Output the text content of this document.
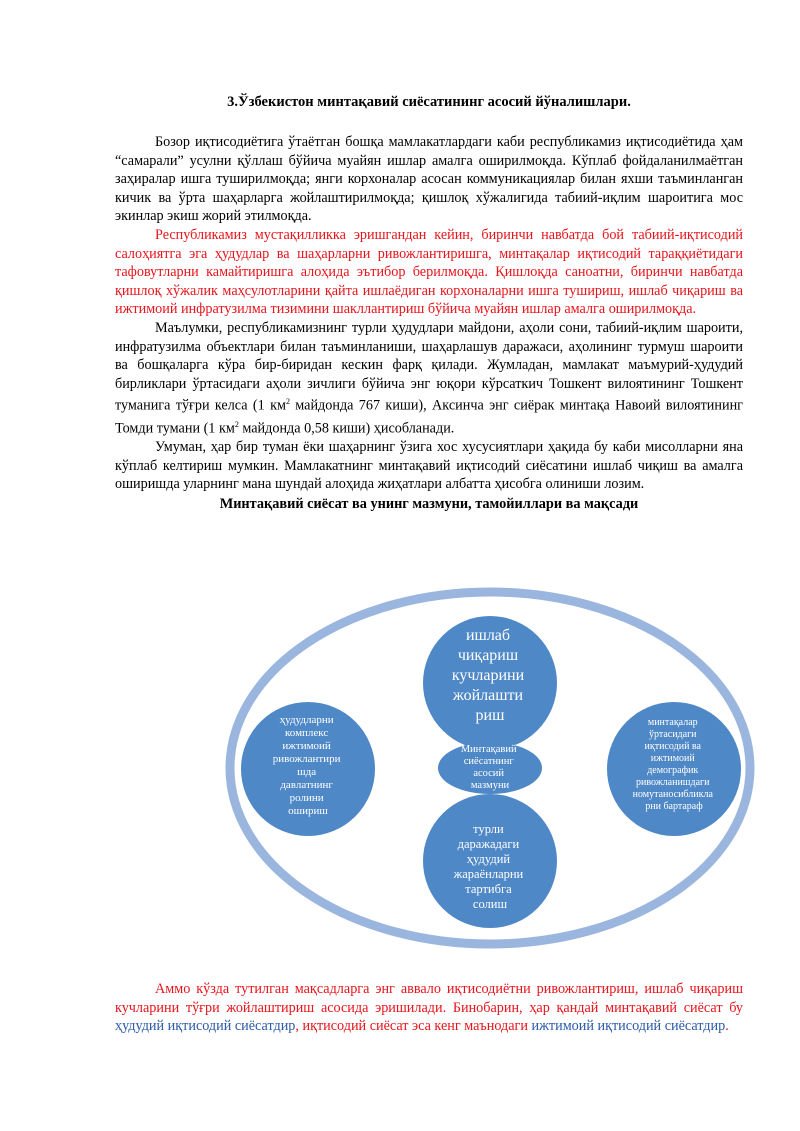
3.Ўзбекистон минтақавий сиёсатининг асосий йўналишлари.

Бозор иқтисодиётига ўтаётган бошқа мамлакатлардаги каби республикамиз иқтисодиётида ҳам “самарали” усулни қўллаш бўйича муайян ишлар амалга оширилмоқда. Кўплаб фойдаланилмаётган заҳиралар ишга туширилмоқда; янги корхоналар асосан коммуникациялар билан яхши таъминланган кичик ва ўрта шаҳарларга жойлаштирилмоқда; қишлоқ хўжалигида табиий-иқлим шароитига мос экинлар экиш жорий этилмоқда.

Республикамиз мустақилликка эришгандан кейин, биринчи навбатда бой табиий-иқтисодий салоҳиятга эга ҳудудлар ва шаҳарларни ривожлантиришга, минтақалар иқтисодий тараққиётидаги тафовутларни камайтиришга алоҳида эътибор берилмоқда. Қишлоқда саноатни, биринчи навбатда қишлоқ хўжалик маҳсулотларини қайта ишлаёдиган корхоналарни ишга тушириш, ишлаб чиқариш ва ижтимоий инфратузилма тизимини шакллантириш бўйича муайян ишлар амалга оширилмоқда.

Маълумки, республикамизнинг турли ҳудудлари майдони, аҳоли сони, табиий-иқлим шароити, инфратузилма объектлари билан таъминланиши, шаҳарлашув даражаси, аҳолининг турмуш шароити ва бошқаларга кўра бир-биридан кескин фарқ қилади. Жумладан, мамлакат маъмурий-ҳудудий бирликлари ўртасидаги аҳоли зичлиги бўйича энг юқори кўрсаткич Тошкент вилоятининг Тошкент туманига тўғри келса (1 $км^2$ майдонда 767 киши), Аксинча энг сиёрак минтақа Навоий вилоятининг Томди тумани (1 $км^2$ майдонда 0,58 киши) ҳисобланади.

Умуман, ҳар бир туман ёки шаҳарнинг ўзига хос хусусиятлари ҳақида бу каби мисолларни яна кўплаб келтириш мумкин. Мамлакатнинг минтақавий иқтисодий сиёсатини ишлаб чиқиш ва амалга оширишда уларнинг мана шундай алоҳида жиҳатлари албатта ҳисобга олиниши лозим.

Минтақавий сиёсат ва унинг мазмуни, тамойиллари ва мақсади
ишлаб чиқариш кучларини жойлашти риш
ҳудудларни комплекс ижтимоий ривожлантири шда давлатнинг ролини ошириш
минтақалар ўртасидаги иқтисодий ва ижтимоий демографик ривожланишдаги номутаносибликла рни бартараф
турли даражадаги ҳудудий жараёнларни тартибга солиш
Минтақавий сиёсатнинг асосий мазмуни

Аммо кўзда тутилган мақсадларга энг аввало иқтисодиётни ривожлантириш, ишлаб чиқариш кучларини тўғри жойлаштириш асосида эришилади. Бинобарин, ҳар қандай минтақавий сиёсат бу ҳудудий иқтисодий сиёсатдир, иқтисодий сиёсат эса кенг маънодаги ижтимоий иқтисодий сиёсатдир.
